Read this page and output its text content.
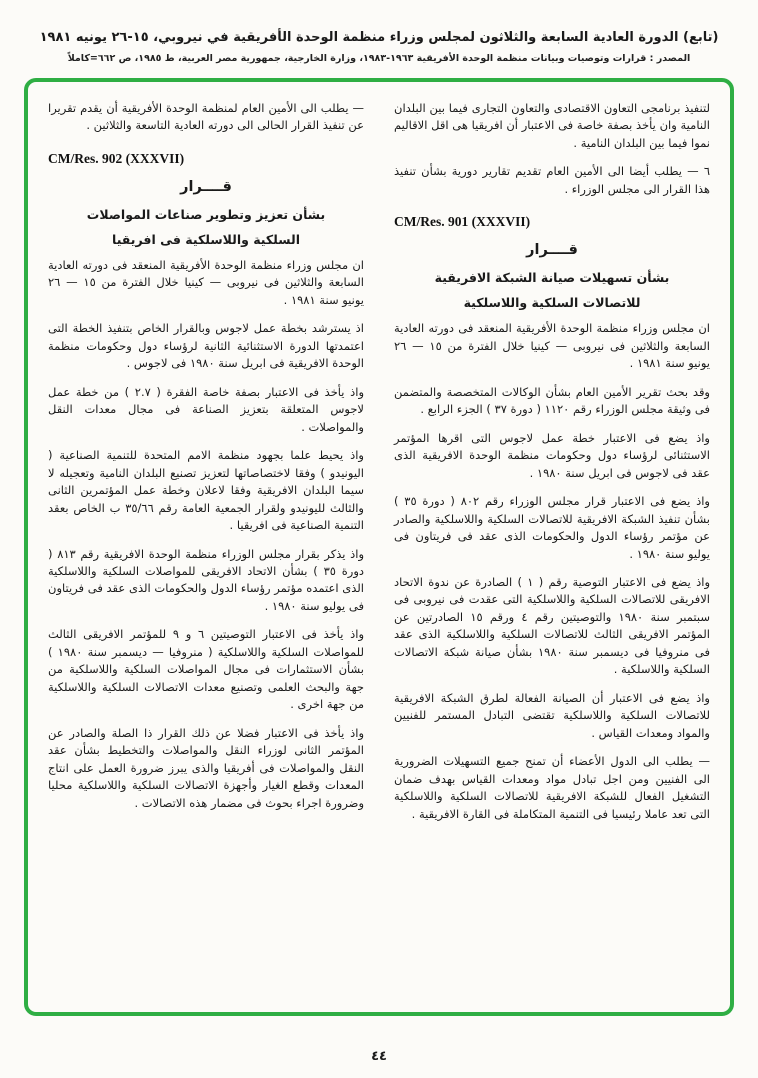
(تابع) الدورة العادية السابعة والثلاثون لمجلس وزراء منظمة الوحدة الأفريقية في نيروبي، ١٥-٢٦ يونيه ١٩٨١
المصدر : قرارات وتوصيات وبيانات منظمة الوحدة الأفريقية ١٩٦٣-١٩٨٣، وزارة الخارجية، جمهورية مصر العربية، ط ١٩٨٥، ص ٦٦٢=كاملاً
لتنفيذ برنامجى التعاون الاقتصادى والتعاون التجارى فيما بين البلدان النامية وان يأخذ بصفة خاصة فى الاعتبار أن افريقيا هى اقل الاقاليم نموا فيما بين البلدان النامية .
٦ — يطلب أيضا الى الأمين العام تقديم تقارير دورية بشأن تنفيذ هذا القرار الى مجلس الوزراء .
CM/Res. 901 (XXXVII)
قــــرار
بشأن تسهيلات صيانة الشبكة الافريقية
للاتصالات السلكية واللاسلكية
ان مجلس وزراء منظمة الوحدة الأفريقية المنعقد فى دورته العادية السابعة والثلاثين فى نيروبى — كينيا خلال الفترة من ١٥ — ٢٦ يونيو سنة ١٩٨١ .
وقد بحث تقرير الأمين العام بشأن الوكالات المتخصصة والمتضمن فى وثيقة مجلس الوزراء رقم ١١٢٠ ( دورة ٣٧ ) الجزء الرابع .
واذ يضع فى الاعتبار خطة عمل لاجوس التى اقرها المؤتمر الاستثنائى لرؤساء دول وحكومات منظمة الوحدة الافريقية الذى عقد فى لاجوس فى ابريل سنة ١٩٨٠ .
واذ يضع فى الاعتبار قرار مجلس الوزراء رقم ٨٠٢ ( دورة ٣٥ ) بشأن تنفيذ الشبكة الافريقية للاتصالات السلكية واللاسلكية والصادر عن مؤتمر رؤساء الدول والحكومات الذى عقد فى فريتاون فى يوليو سنة ١٩٨٠ .
واذ يضع فى الاعتبار التوصية رقم ( ١ ) الصادرة عن ندوة الاتحاد الافريقى للاتصالات السلكية واللاسلكية التى عقدت فى نيروبى فى سبتمبر سنة ١٩٨٠ والتوصيتين رقم ٤ ورقم ١٥ الصادرتين عن المؤتمر الافريقى الثالث للاتصالات السلكية واللاسلكية الذى عقد فى منروفيا فى ديسمبر سنة ١٩٨٠ بشأن صيانة شبكة الاتصالات السلكية واللاسلكية .
واذ يضع فى الاعتبار أن الصيانة الفعالة لطرق الشبكة الافريقية للاتصالات السلكية واللاسلكية تقتضى التبادل المستمر للفنيين والمواد ومعدات القياس .
— يطلب الى الدول الأعضاء أن تمنح جميع التسهيلات الضرورية الى الفنيين ومن اجل تبادل مواد ومعدات القياس بهدف ضمان التشغيل الفعال للشبكة الافريقية للاتصالات السلكية واللاسلكية التى تعد عاملا رئيسيا فى التنمية المتكاملة فى القارة الافريقية .
— يطلب الى الأمين العام لمنظمة الوحدة الأفريقية أن يقدم تقريرا عن تنفيذ القرار الحالى الى دورته العادية التاسعة والثلاثين .
CM/Res. 902 (XXXVII)
قــــرار
بشأن تعزيز وتطوير صناعات المواصلات
السلكية واللاسلكية فى افريقيا
ان مجلس وزراء منظمة الوحدة الأفريقية المنعقد فى دورته العادية السابعة والثلاثين فى نيروبى — كينيا خلال الفترة من ١٥ — ٢٦ يونيو سنة ١٩٨١ .
اذ يسترشد بخطة عمل لاجوس وبالقرار الخاص بتنفيذ الخطة التى اعتمدتها الدورة الاستثنائية الثانية لرؤساء دول وحكومات منظمة الوحدة الافريقية فى ابريل سنة ١٩٨٠ فى لاجوس .
واذ يأخذ فى الاعتبار بصفة خاصة الفقرة ( ٢.٧ ) من خطة عمل لاجوس المتعلقة بتعزيز الصناعة فى مجال معدات النقل والمواصلات .
واذ يحيط علما بجهود منظمة الامم المتحدة للتنمية الصناعية ( اليونيدو ) وفقا لاختصاصاتها لتعزيز تصنيع البلدان النامية وتعجيله لا سيما البلدان الافريقية وفقا لاعلان وخطة عمل المؤتمرين الثانى والثالث لليونيدو ولقرار الجمعية العامة رقم ٣٥/٦٦ ب الخاص بعقد التنمية الصناعية فى افريقيا .
واذ يذكر بقرار مجلس الوزراء منظمة الوحدة الافريقية رقم ٨١٣ ( دورة ٣٥ ) بشأن الاتحاد الافريقى للمواصلات السلكية واللاسلكية الذى اعتمده مؤتمر رؤساء الدول والحكومات الذى عقد فى فريتاون فى يوليو سنة ١٩٨٠ .
واذ يأخذ فى الاعتبار التوصيتين ٦ و ٩ للمؤتمر الافريقى الثالث للمواصلات السلكية واللاسلكية ( منروفيا — ديسمبر سنة ١٩٨٠ ) بشأن الاستثمارات فى مجال المواصلات السلكية واللاسلكية من جهة والبحث العلمى وتصنيع معدات الاتصالات السلكية واللاسلكية من جهة اخرى .
واذ يأخذ فى الاعتبار فضلا عن ذلك القرار ذا الصلة والصادر عن المؤتمر الثانى لوزراء النقل والمواصلات والتخطيط بشأن عقد النقل والمواصلات فى أفريقيا والذى يبرز ضرورة العمل على انتاج المعدات وقطع الغيار وأجهزة الاتصالات السلكية واللاسلكية محليا وضرورة اجراء بحوث فى مضمار هذه الاتصالات .
٤٤
